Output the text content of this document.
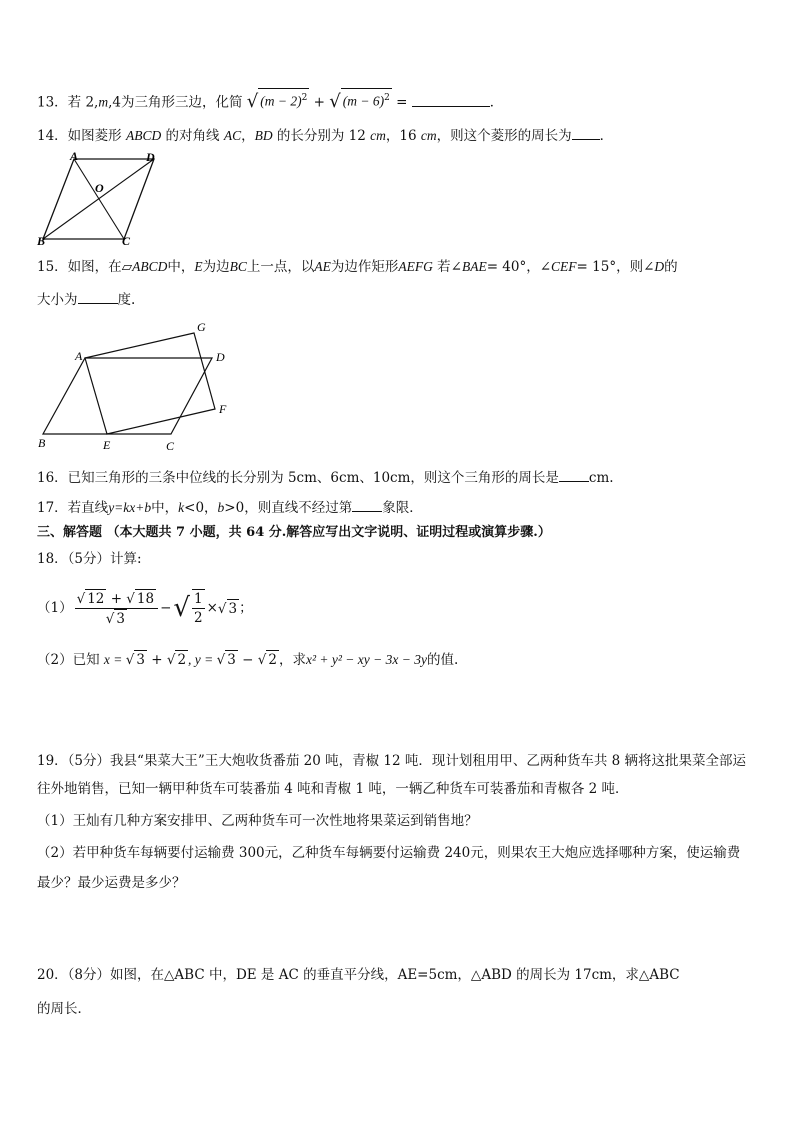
13．若 2,m,4为三角形三边，化简 √ $(m - 2)^2$ + √ $(m - 6)^2$ =	．
14．如图菱形 ABCD 的对角线 AC，BD 的长分别为 12 cm，16 cm，则这个菱形的周长为 ．
A	D
O
B	C
15．如图，在▱ABCD中，E为边BC上一点，以AE为边作矩形AEFG 若∠BAE= 40°，∠CEF= 15°，则∠D的
大小为	度.
A
G
D
F
B	E	C
16．已知三角形的三条中位线的长分别为 5cm、6cm、10cm，则这个三角形的周长是 cm.
17．若直线y=kx+b中，k<0，b>0，则直线不经过第 象限．
三、解答题 （本大题共 7 小题，共 64 分.解答应写出文字说明、证明过程或演算步骤.）
18．（5分）计算:
$(1) \frac{√ 12 + √ 18}{√ 3}$ − √ $\frac{1}{2}$ × √ 3 ；
（2）已知 x = √ 3 + √ 2 , y = √ 3 − √ 2 ，求x² + y² − xy − 3x − 3y的值.
19．（5分）我县“果菜大王”王大炮收货番茄 20 吨，青椒 12 吨．现计划租用甲、乙两种货车共 8 辆将这批果菜全部运
往外地销售，已知一辆甲种货车可装番茄 4 吨和青椒 1 吨，一辆乙种货车可装番茄和青椒各 2 吨．
（1）王灿有几种方案安排甲、乙两种货车可一次性地将果菜运到销售地？
（2）若甲种货车每辆要付运输费 300元，乙种货车每辆要付运输费 240元，则果农王大炮应选择哪种方案，使运输费
最少？最少运费是多少？
20．（8分）如图，在△ABC 中，DE 是 AC 的垂直平分线，AE=5cm，△ABD 的周长为 17cm，求△ABC
的周长．
